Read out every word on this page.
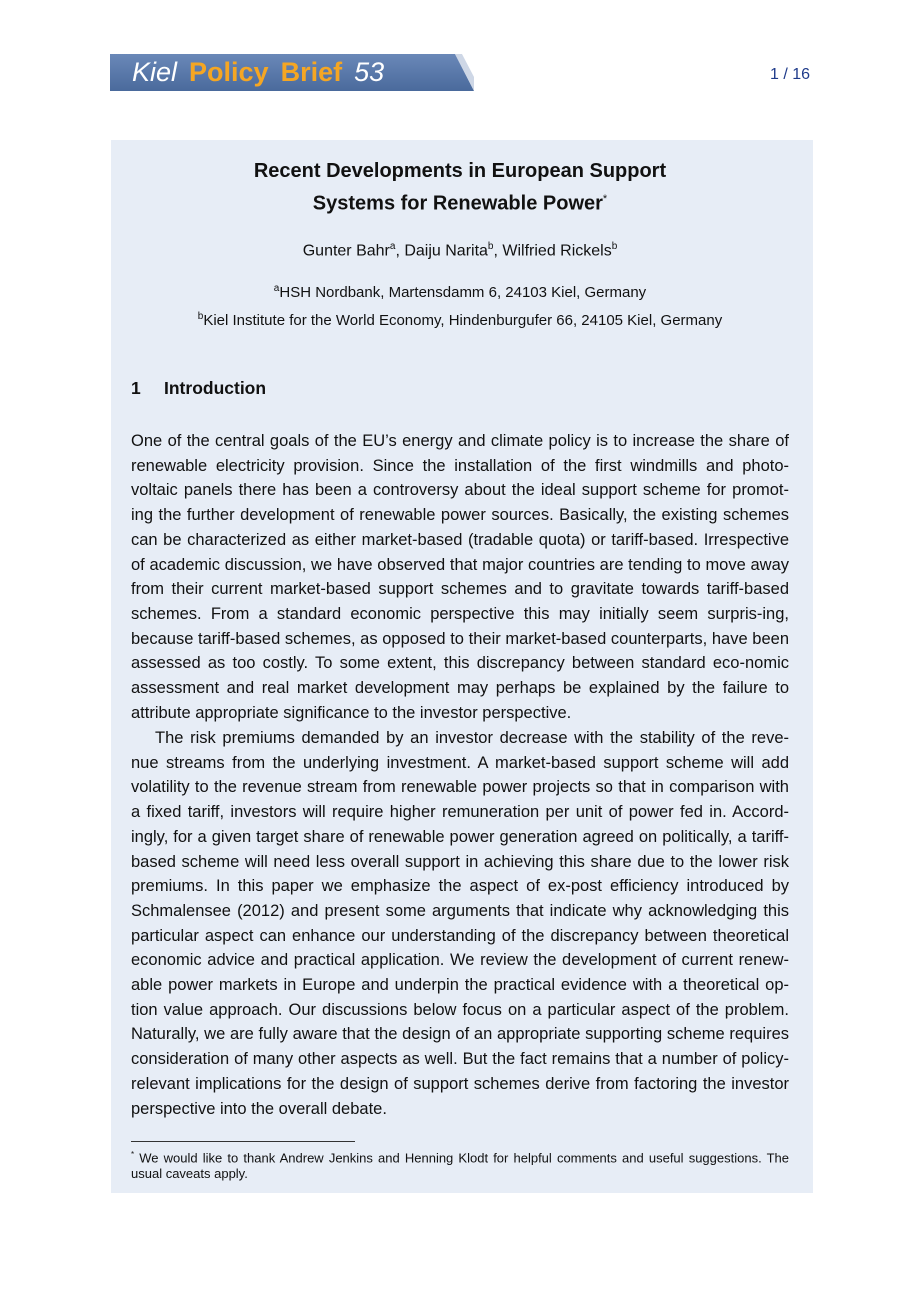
Kiel Policy Brief 53	1 / 16
Recent Developments in European Support
Systems for Renewable Power*
Gunter Bahr$^a$, Daiju Narita$^b$, Wilfried Rickels$^b$
$^a$HSH Nordbank, Martensdamm 6, 24103 Kiel, Germany
$^b$Kiel Institute for the World Economy, Hindenburgufer 66, 24105 Kiel, Germany
1 Introduction

One of the central goals of the EU’s energy and climate policy is to increase the share of renewable electricity provision. Since the installation of the first windmills and photo-voltaic panels there has been a controversy about the ideal support scheme for promot-ing the further development of renewable power sources. Basically, the existing schemes can be characterized as either market-based (tradable quota) or tariff-based. Irrespective of academic discussion, we have observed that major countries are tending to move away from their current market-based support schemes and to gravitate towards tariff-based schemes. From a standard economic perspective this may initially seem surpris-ing, because tariff-based schemes, as opposed to their market-based counterparts, have been assessed as too costly. To some extent, this discrepancy between standard eco-nomic assessment and real market development may perhaps be explained by the failure to attribute appropriate significance to the investor perspective.

The risk premiums demanded by an investor decrease with the stability of the reve-nue streams from the underlying investment. A market-based support scheme will add volatility to the revenue stream from renewable power projects so that in comparison with a fixed tariff, investors will require higher remuneration per unit of power fed in. Accord-ingly, for a given target share of renewable power generation agreed on politically, a tariff-based scheme will need less overall support in achieving this share due to the lower risk premiums. In this paper we emphasize the aspect of ex-post efficiency introduced by Schmalensee (2012) and present some arguments that indicate why acknowledging this particular aspect can enhance our understanding of the discrepancy between theoretical economic advice and practical application. We review the development of current renew-able power markets in Europe and underpin the practical evidence with a theoretical op-tion value approach. Our discussions below focus on a particular aspect of the problem. Naturally, we are fully aware that the design of an appropriate supporting scheme requires consideration of many other aspects as well. But the fact remains that a number of policy-relevant implications for the design of support schemes derive from factoring the investor perspective into the overall debate.

* We would like to thank Andrew Jenkins and Henning Klodt for helpful comments and useful suggestions. The usual caveats apply.
